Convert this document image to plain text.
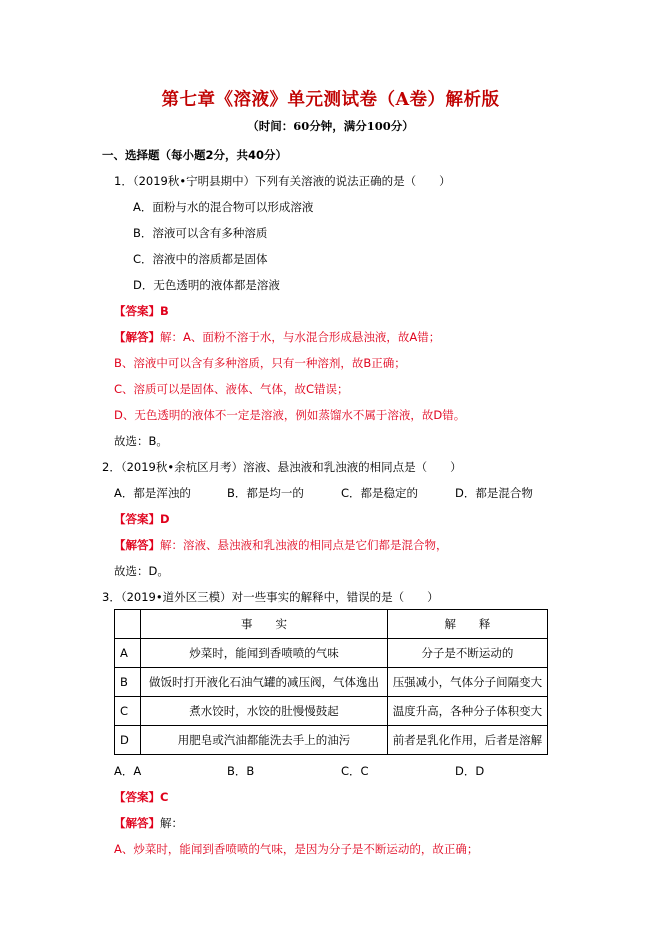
第七章《溶液》单元测试卷（A卷）解析版
（时间：60分钟，满分100分）
一、选择题（每小题2分，共40分）
1．（2019秋•宁明县期中）下列有关溶液的说法正确的是（　　）
A．面粉与水的混合物可以形成溶液
B．溶液可以含有多种溶质
C．溶液中的溶质都是固体
D．无色透明的液体都是溶液
【答案】B
【解答】解：A、面粉不溶于水，与水混合形成悬浊液，故A错；
B、溶液中可以含有多种溶质，只有一种溶剂，故B正确；
C、溶质可以是固体、液体、气体，故C错误；
D、无色透明的液体不一定是溶液，例如蒸馏水不属于溶液，故D错。
故选：B。
2．（2019秋•余杭区月考）溶液、悬浊液和乳浊液的相同点是（　　）
A．都是浑浊的	B．都是均一的	C．都是稳定的	D．都是混合物
【答案】D
【解答】解：溶液、悬浊液和乳浊液的相同点是它们都是混合物，
故选：D。
3．（2019•道外区三模）对一些事实的解释中，错误的是（　　）
	事　　实	解　　释
A	炒菜时，能闻到香喷喷的气味	分子是不断运动的
B	做饭时打开液化石油气罐的减压阀，气体逸出	压强减小，气体分子间隔变大
C	煮水饺时，水饺的肚慢慢鼓起	温度升高，各种分子体积变大
D	用肥皂或汽油都能洗去手上的油污	前者是乳化作用，后者是溶解
A．A	B．B	C．C	D．D
【答案】C
【解答】解：
A、炒菜时，能闻到香喷喷的气味，是因为分子是不断运动的，故正确；
